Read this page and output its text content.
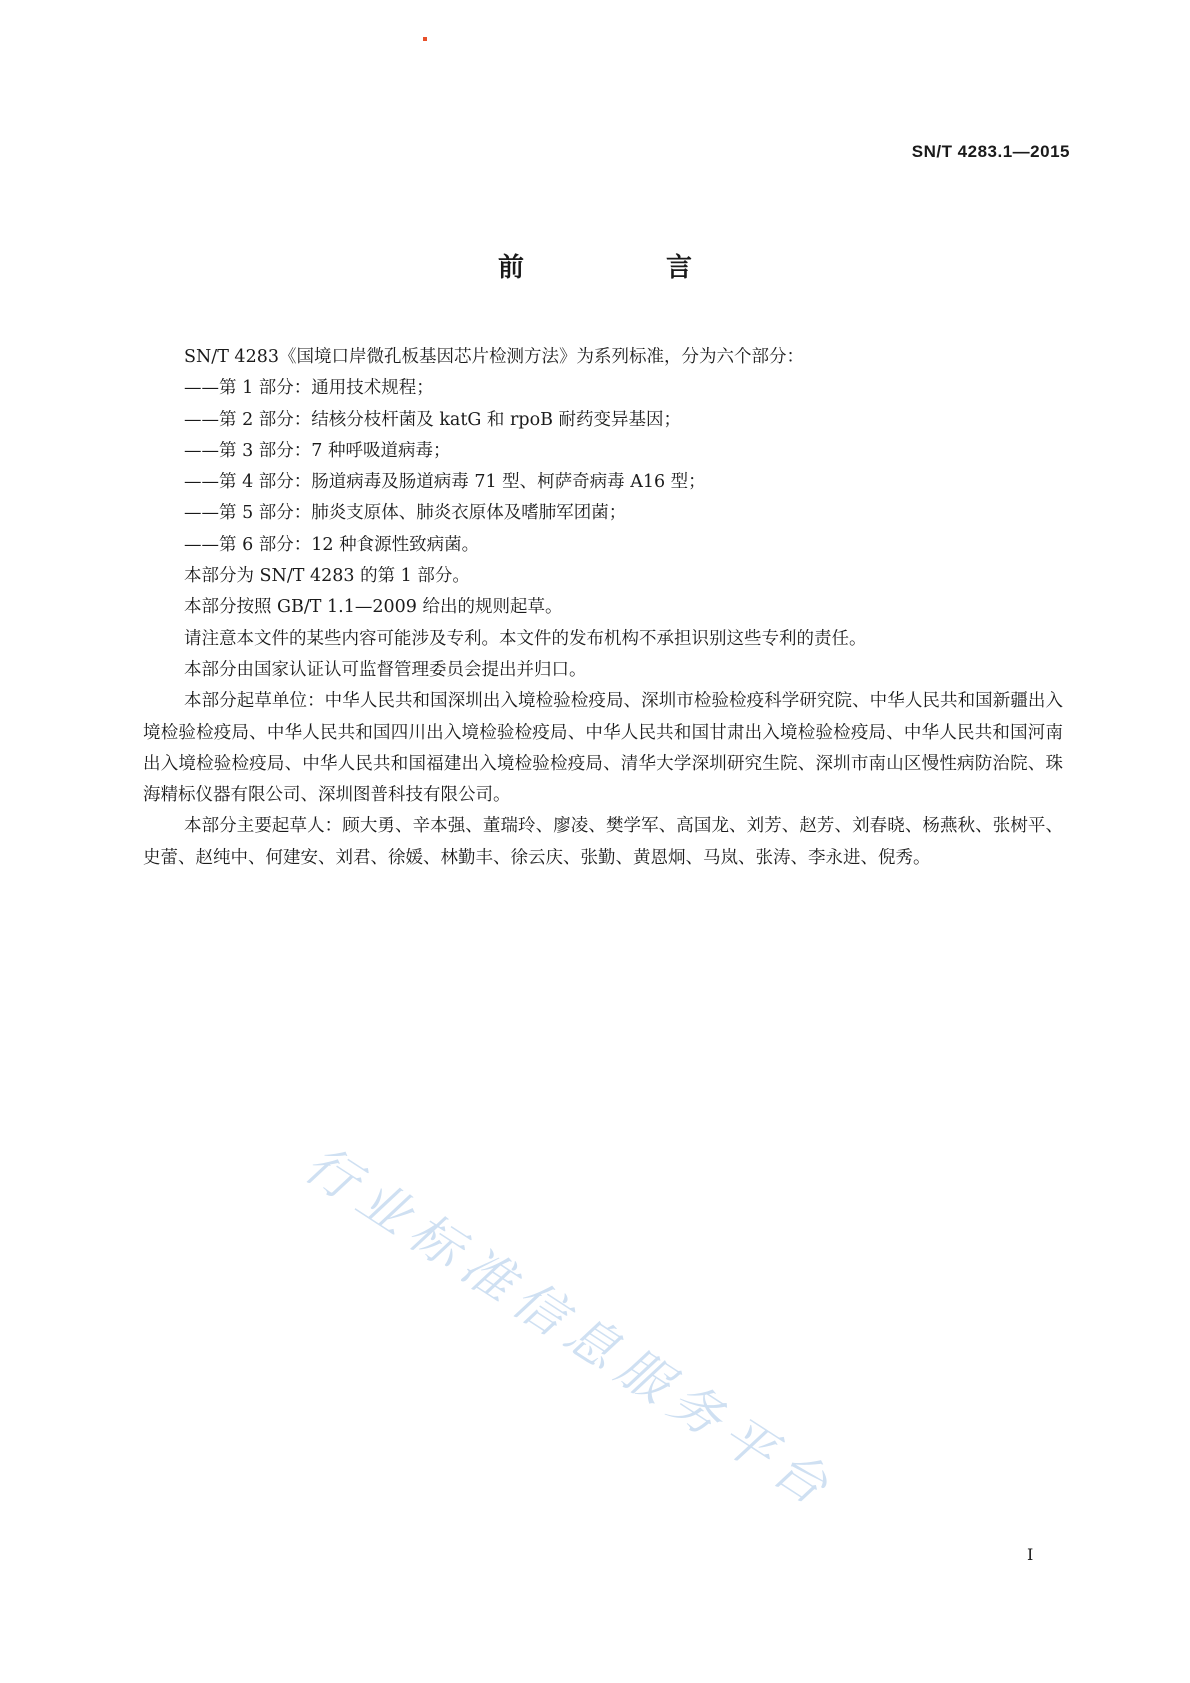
SN/T 4283.1—2015
前　言

SN/T 4283《国境口岸微孔板基因芯片检测方法》为系列标准，分为六个部分：

——第 1 部分：通用技术规程；

——第 2 部分：结核分枝杆菌及 katG 和 rpoB 耐药变异基因；

——第 3 部分：7 种呼吸道病毒；

——第 4 部分：肠道病毒及肠道病毒 71 型、柯萨奇病毒 A16 型；

——第 5 部分：肺炎支原体、肺炎衣原体及嗜肺军团菌；

——第 6 部分：12 种食源性致病菌。

本部分为 SN/T 4283 的第 1 部分。

本部分按照 GB/T 1.1—2009 给出的规则起草。

请注意本文件的某些内容可能涉及专利。本文件的发布机构不承担识别这些专利的责任。

本部分由国家认证认可监督管理委员会提出并归口。

本部分起草单位：中华人民共和国深圳出入境检验检疫局、深圳市检验检疫科学研究院、中华人民共和国新疆出入境检验检疫局、中华人民共和国四川出入境检验检疫局、中华人民共和国甘肃出入境检验检疫局、中华人民共和国河南出入境检验检疫局、中华人民共和国福建出入境检验检疫局、清华大学深圳研究生院、深圳市南山区慢性病防治院、珠海精标仪器有限公司、深圳图普科技有限公司。

本部分主要起草人：顾大勇、辛本强、董瑞玲、廖凌、樊学军、高国龙、刘芳、赵芳、刘春晓、杨燕秋、张树平、史蕾、赵纯中、何建安、刘君、徐媛、林勤丰、徐云庆、张勤、黄恩炯、马岚、张涛、李永进、倪秀。

行业标准信息服务平台
I
